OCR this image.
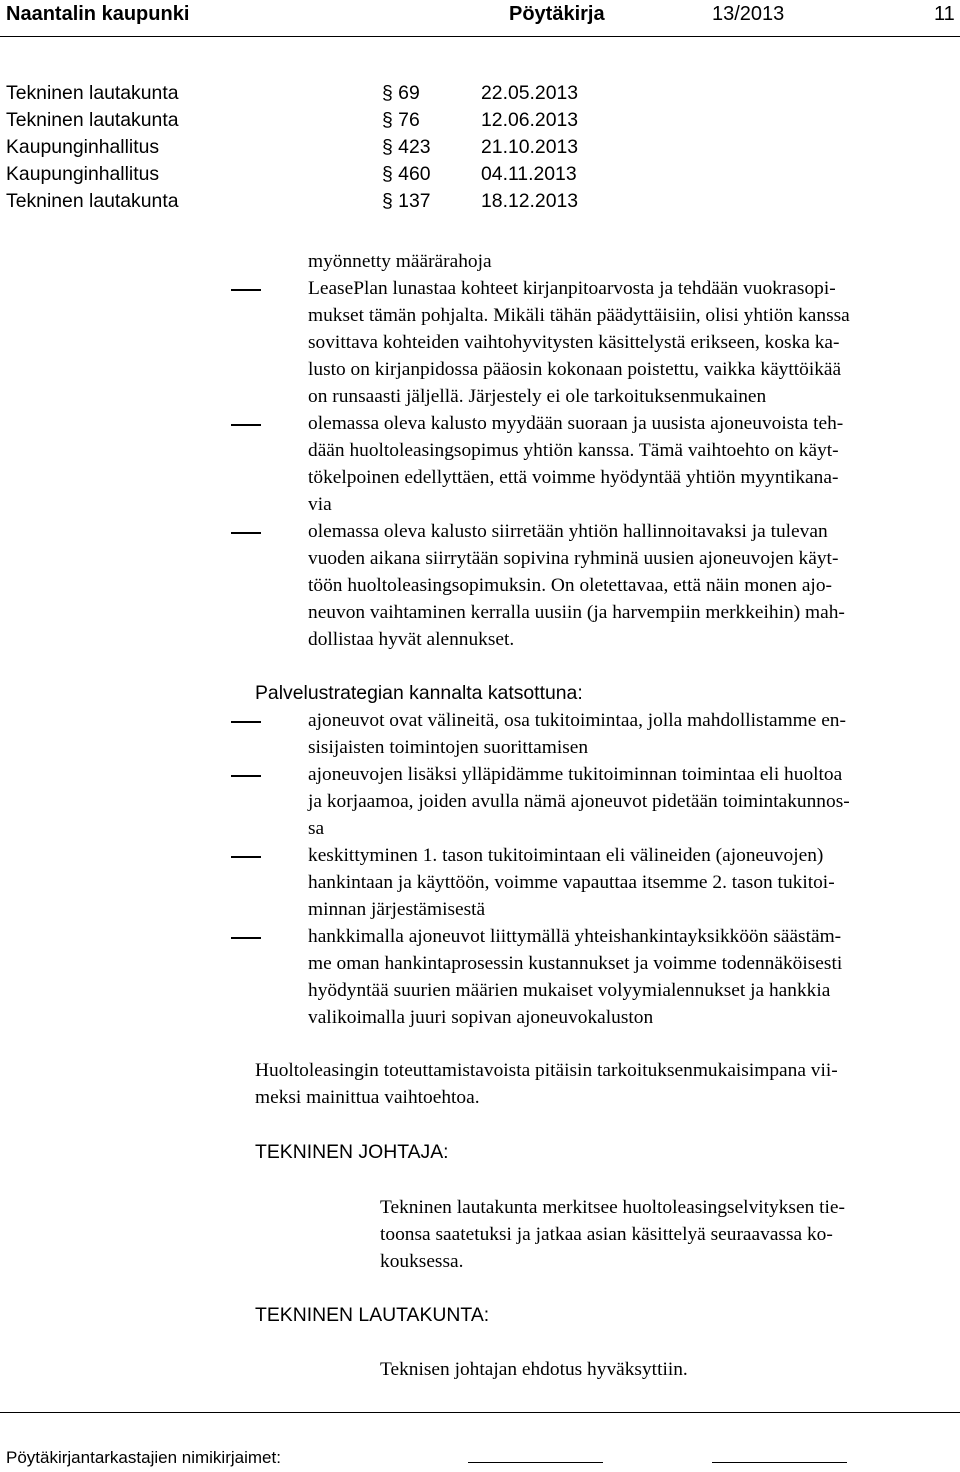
Naantalin kaupunki	Pöytäkirja	13/2013	11
Tekninen lautakunta	§ 69	22.05.2013
Tekninen lautakunta	§ 76	12.06.2013
Kaupunginhallitus	§ 423	21.10.2013
Kaupunginhallitus	§ 460	04.11.2013
Tekninen lautakunta	§ 137	18.12.2013
myönnetty määrärahoja
LeasePlan lunastaa kohteet kirjanpitoarvosta ja tehdään vuokrasopi-
mukset tämän pohjalta. Mikäli tähän päädyttäisiin, olisi yhtiön kanssa
sovittava kohteiden vaihtohyvitysten käsittelystä erikseen, koska ka-
lusto on kirjanpidossa pääosin kokonaan poistettu, vaikka käyttöikää
on runsaasti jäljellä. Järjestely ei ole tarkoituksenmukainen
olemassa oleva kalusto myydään suoraan ja uusista ajoneuvoista teh-
dään huoltoleasingsopimus yhtiön kanssa. Tämä vaihtoehto on käyt-
tökelpoinen edellyttäen, että voimme hyödyntää yhtiön myyntikana-
via
olemassa oleva kalusto siirretään yhtiön hallinnoitavaksi ja tulevan
vuoden aikana siirrytään sopivina ryhminä uusien ajoneuvojen käyt-
töön huoltoleasingsopimuksin. On oletettavaa, että näin monen ajo-
neuvon vaihtaminen kerralla uusiin (ja harvempiin merkkeihin) mah-
dollistaa hyvät alennukset.
Palvelustrategian kannalta katsottuna:
ajoneuvot ovat välineitä, osa tukitoimintaa, jolla mahdollistamme en-
sisijaisten toimintojen suorittamisen
ajoneuvojen lisäksi ylläpidämme tukitoiminnan toimintaa eli huoltoa
ja korjaamoa, joiden avulla nämä ajoneuvot pidetään toimintakunnos-
sa
keskittyminen 1. tason tukitoimintaan eli välineiden (ajoneuvojen)
hankintaan ja käyttöön, voimme vapauttaa itsemme 2. tason tukitoi-
minnan järjestämisestä
hankkimalla ajoneuvot liittymällä yhteishankintayksikköön säästäm-
me oman hankintaprosessin kustannukset ja voimme todennäköisesti
hyödyntää suurien määrien mukaiset volyymialennukset ja hankkia
valikoimalla juuri sopivan ajoneuvokaluston
Huoltoleasingin toteuttamistavoista pitäisin tarkoituksenmukaisimpana vii-
meksi mainittua vaihtoehtoa.
TEKNINEN JOHTAJA:
Tekninen lautakunta merkitsee huoltoleasingselvityksen tie-
toonsa saatetuksi ja jatkaa asian käsittelyä seuraavassa ko-
kouksessa.
TEKNINEN LAUTAKUNTA:
Teknisen johtajan ehdotus hyväksyttiin.
Pöytäkirjantarkastajien nimikirjaimet:
